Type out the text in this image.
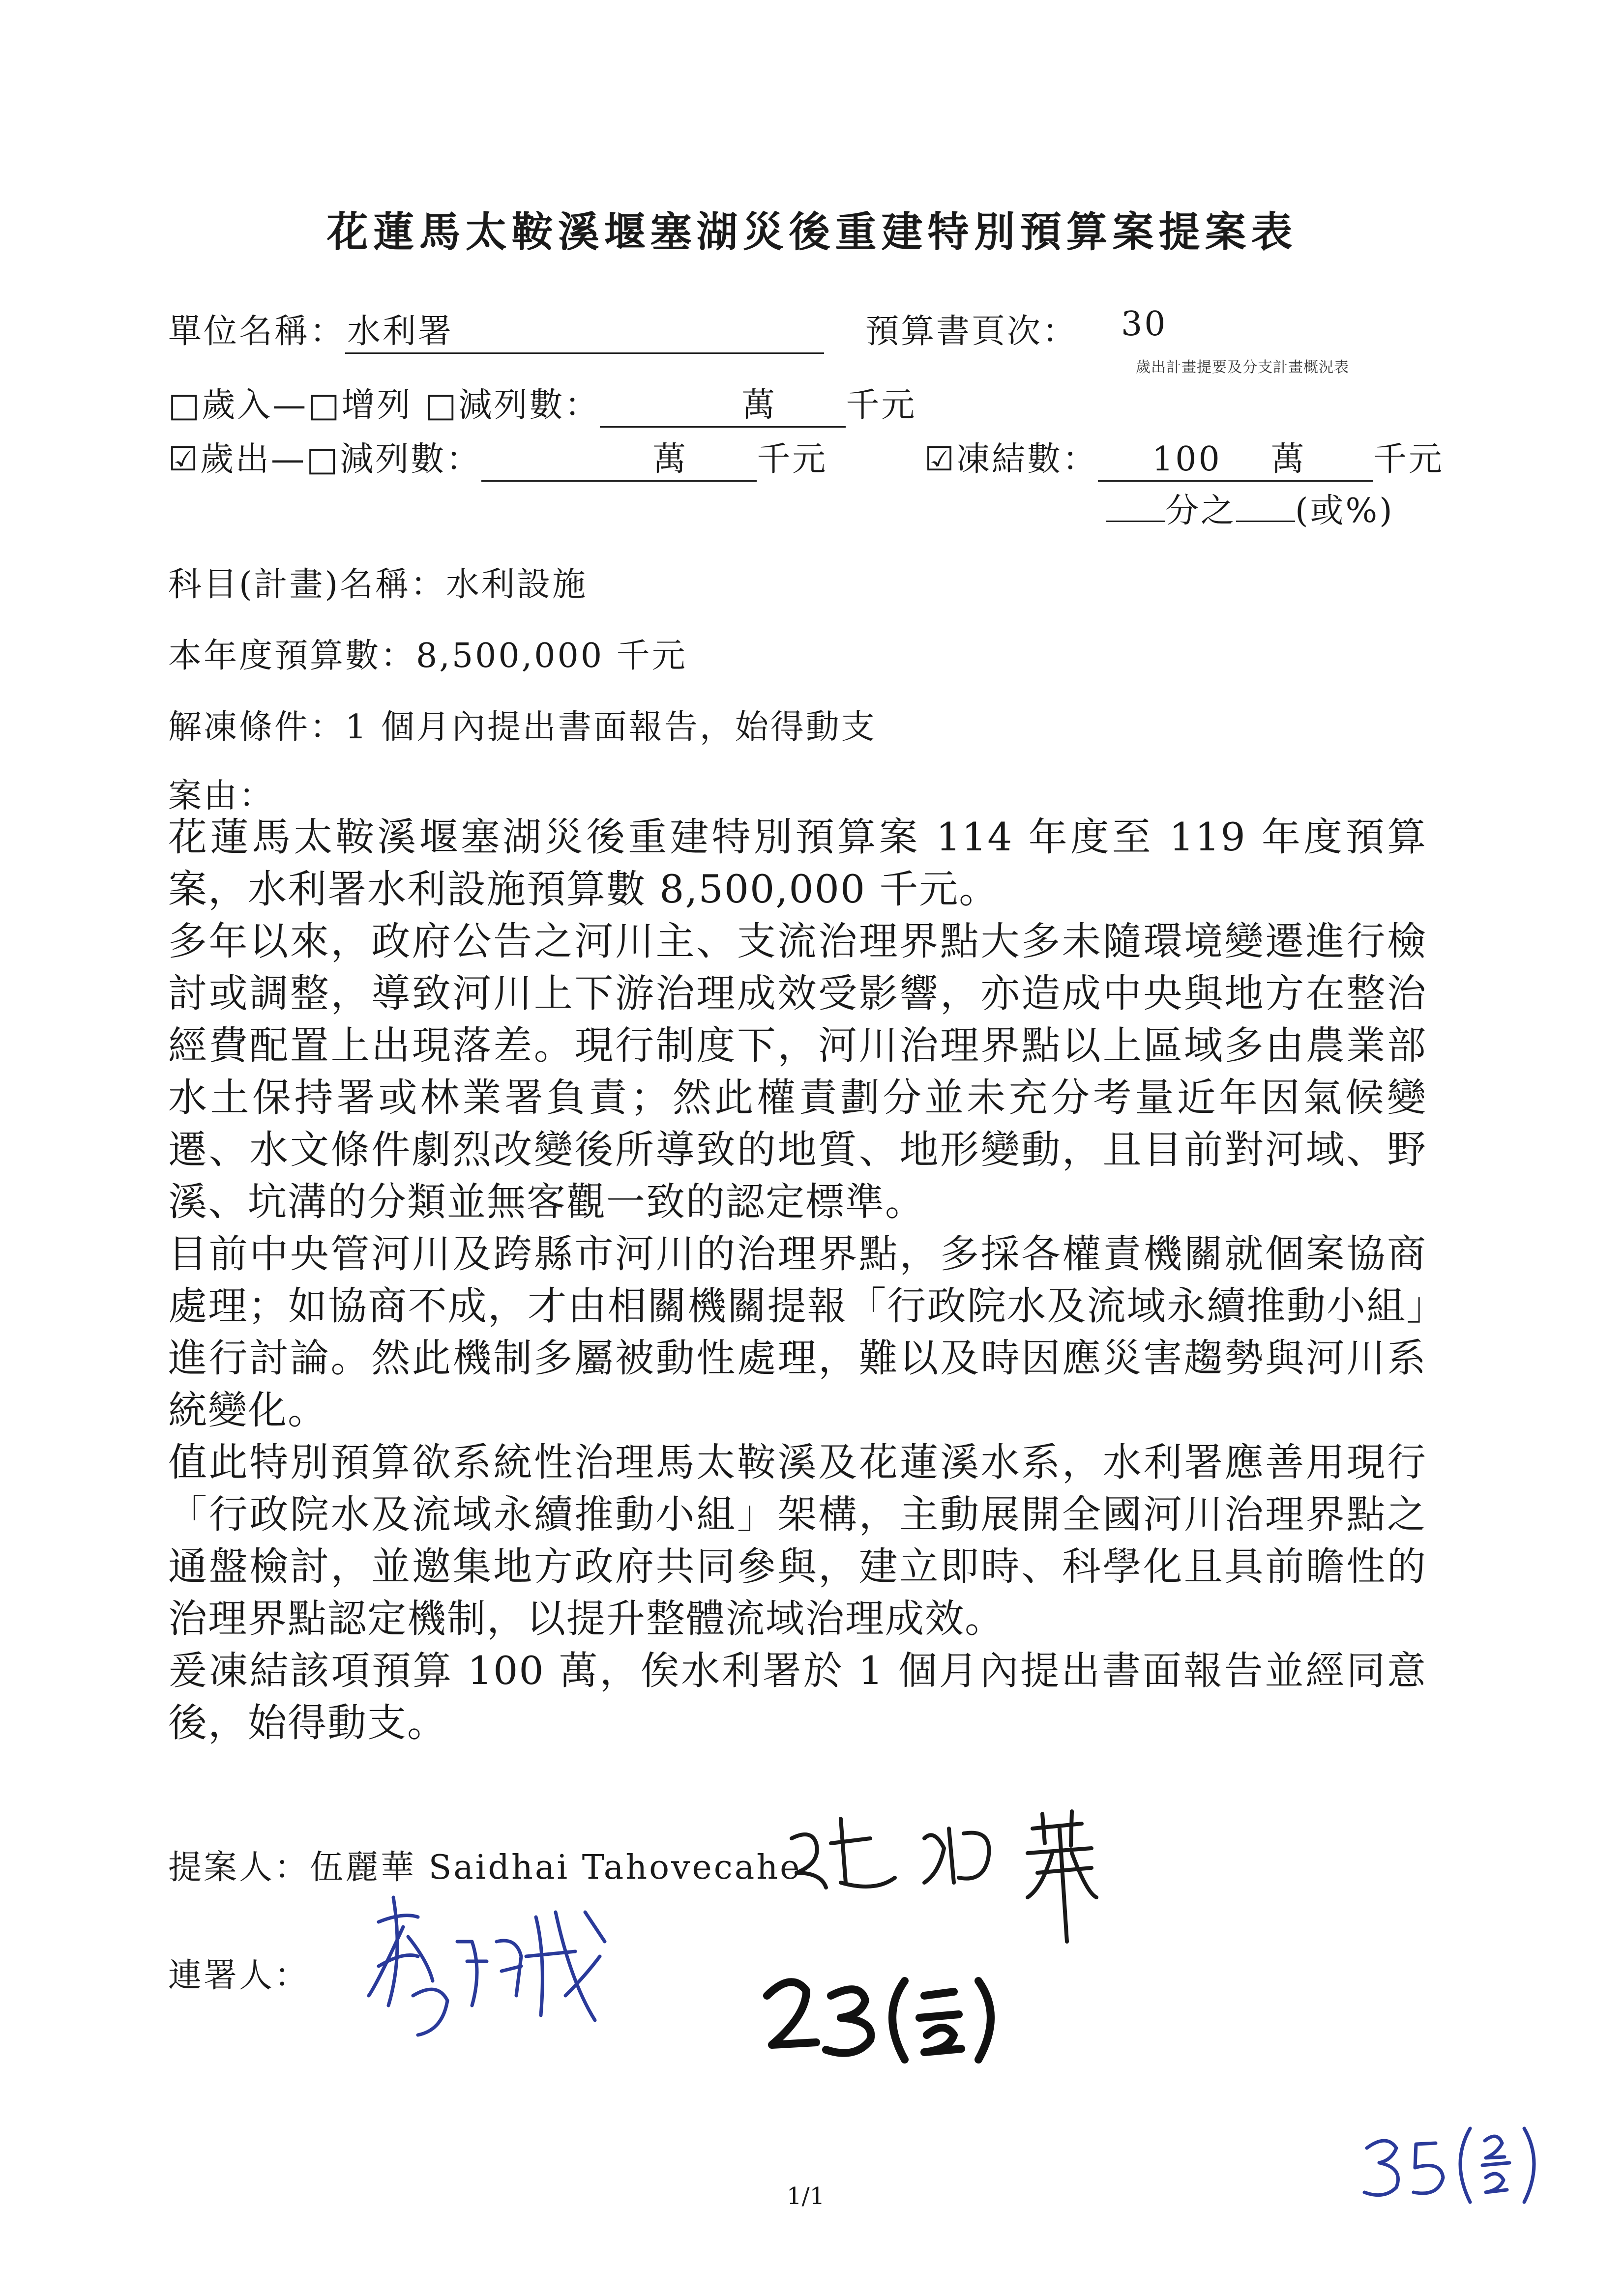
花蓮馬太鞍溪堰塞湖災後重建特別預算案提案表
單位名稱：水利署	預算書頁次： 30
歲出計畫提要及分支計畫概況表
□歲入—□增列 □減列數：	萬 千元
☑歲出—□減列數：	萬 千元	☑凍結數： 100 萬 千元
分之 (或%)
科目(計畫)名稱：水利設施
本年度預算數：8,500,000 千元
解凍條件：1 個月內提出書面報告，始得動支
案由：

花蓮馬太鞍溪堰塞湖災後重建特別預算案 114 年度至 119 年度預算案，水利署水利設施預算數 8,500,000 千元。

多年以來，政府公告之河川主、支流治理界點大多未隨環境變遷進行檢討或調整，導致河川上下游治理成效受影響，亦造成中央與地方在整治經費配置上出現落差。現行制度下，河川治理界點以上區域多由農業部水土保持署或林業署負責；然此權責劃分並未充分考量近年因氣候變遷、水文條件劇烈改變後所導致的地質、地形變動，且目前對河域、野溪、坑溝的分類並無客觀一致的認定標準。

目前中央管河川及跨縣市河川的治理界點，多採各權責機關就個案協商處理；如協商不成，才由相關機關提報「行政院水及流域永續推動小組」進行討論。然此機制多屬被動性處理，難以及時因應災害趨勢與河川系統變化。

值此特別預算欲系統性治理馬太鞍溪及花蓮溪水系，水利署應善用現行「行政院水及流域永續推動小組」架構，主動展開全國河川治理界點之通盤檢討，並邀集地方政府共同參與，建立即時、科學化且具前瞻性的治理界點認定機制，以提升整體流域治理成效。

爰凍結該項預算 100 萬，俟水利署於 1 個月內提出書面報告並經同意後，始得動支。

提案人：伍麗華 Saidhai Tahovecahe
連署人：
1/1
